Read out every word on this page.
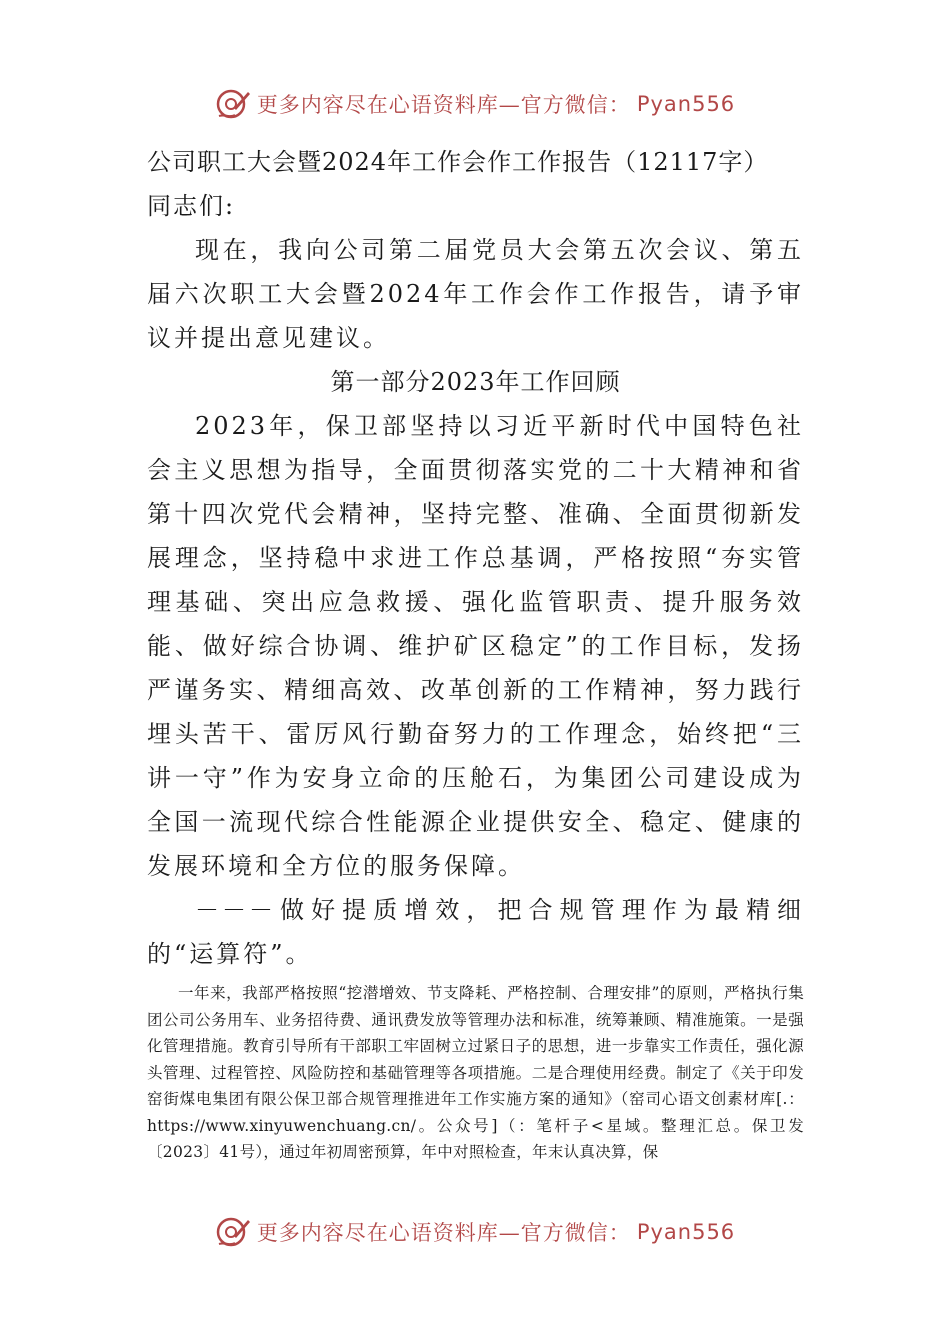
更多内容尽在心语资料库—官方微信： Pyan556
公司职工大会暨2024年工作会作工作报告（12117字）
同志们:

现在，我向公司第二届党员大会第五次会议、第五届六次职工大会暨2024年工作会作工作报告，请予审议并提出意见建议。

第一部分2023年工作回顾

2023年，保卫部坚持以习近平新时代中国特色社会主义思想为指导，全面贯彻落实党的二十大精神和省第十四次党代会精神，坚持完整、准确、全面贯彻新发展理念，坚持稳中求进工作总基调，严格按照“夯实管理基础、突出应急救援、强化监管职责、提升服务效能、做好综合协调、维护矿区稳定”的工作目标，发扬严谨务实、精细高效、改革创新的工作精神，努力践行埋头苦干、雷厉风行勤奋努力的工作理念，始终把“三讲一守”作为安身立命的压舱石，为集团公司建设成为全国一流现代综合性能源企业提供安全、稳定、健康的发展环境和全方位的服务保障。

－－－做好提质增效，把合规管理作为最精细的“运算符”。

一年来，我部严格按照“挖潜增效、节支降耗、严格控制、合理安排”的原则，严格执行集团公司公务用车、业务招待费、通讯费发放等管理办法和标准，统筹兼顾、精准施策。一是强化管理措施。教育引导所有干部职工牢固树立过紧日子的思想，进一步靠实工作责任，强化源头管理、过程管控、风险防控和基础管理等各项措施。二是合理使用经费。制定了《关于印发窑街煤电集团有限公保卫部合规管理推进年工作实施方案的通知》（窑司心语文创素材库[.：https://www.xinyuwenchuang.cn/。公众号]（：笔杆子<星域。整理汇总。保卫发〔2023〕41号），通过年初周密预算，年中对照检查，年末认真决算，保

更多内容尽在心语资料库—官方微信： Pyan556
